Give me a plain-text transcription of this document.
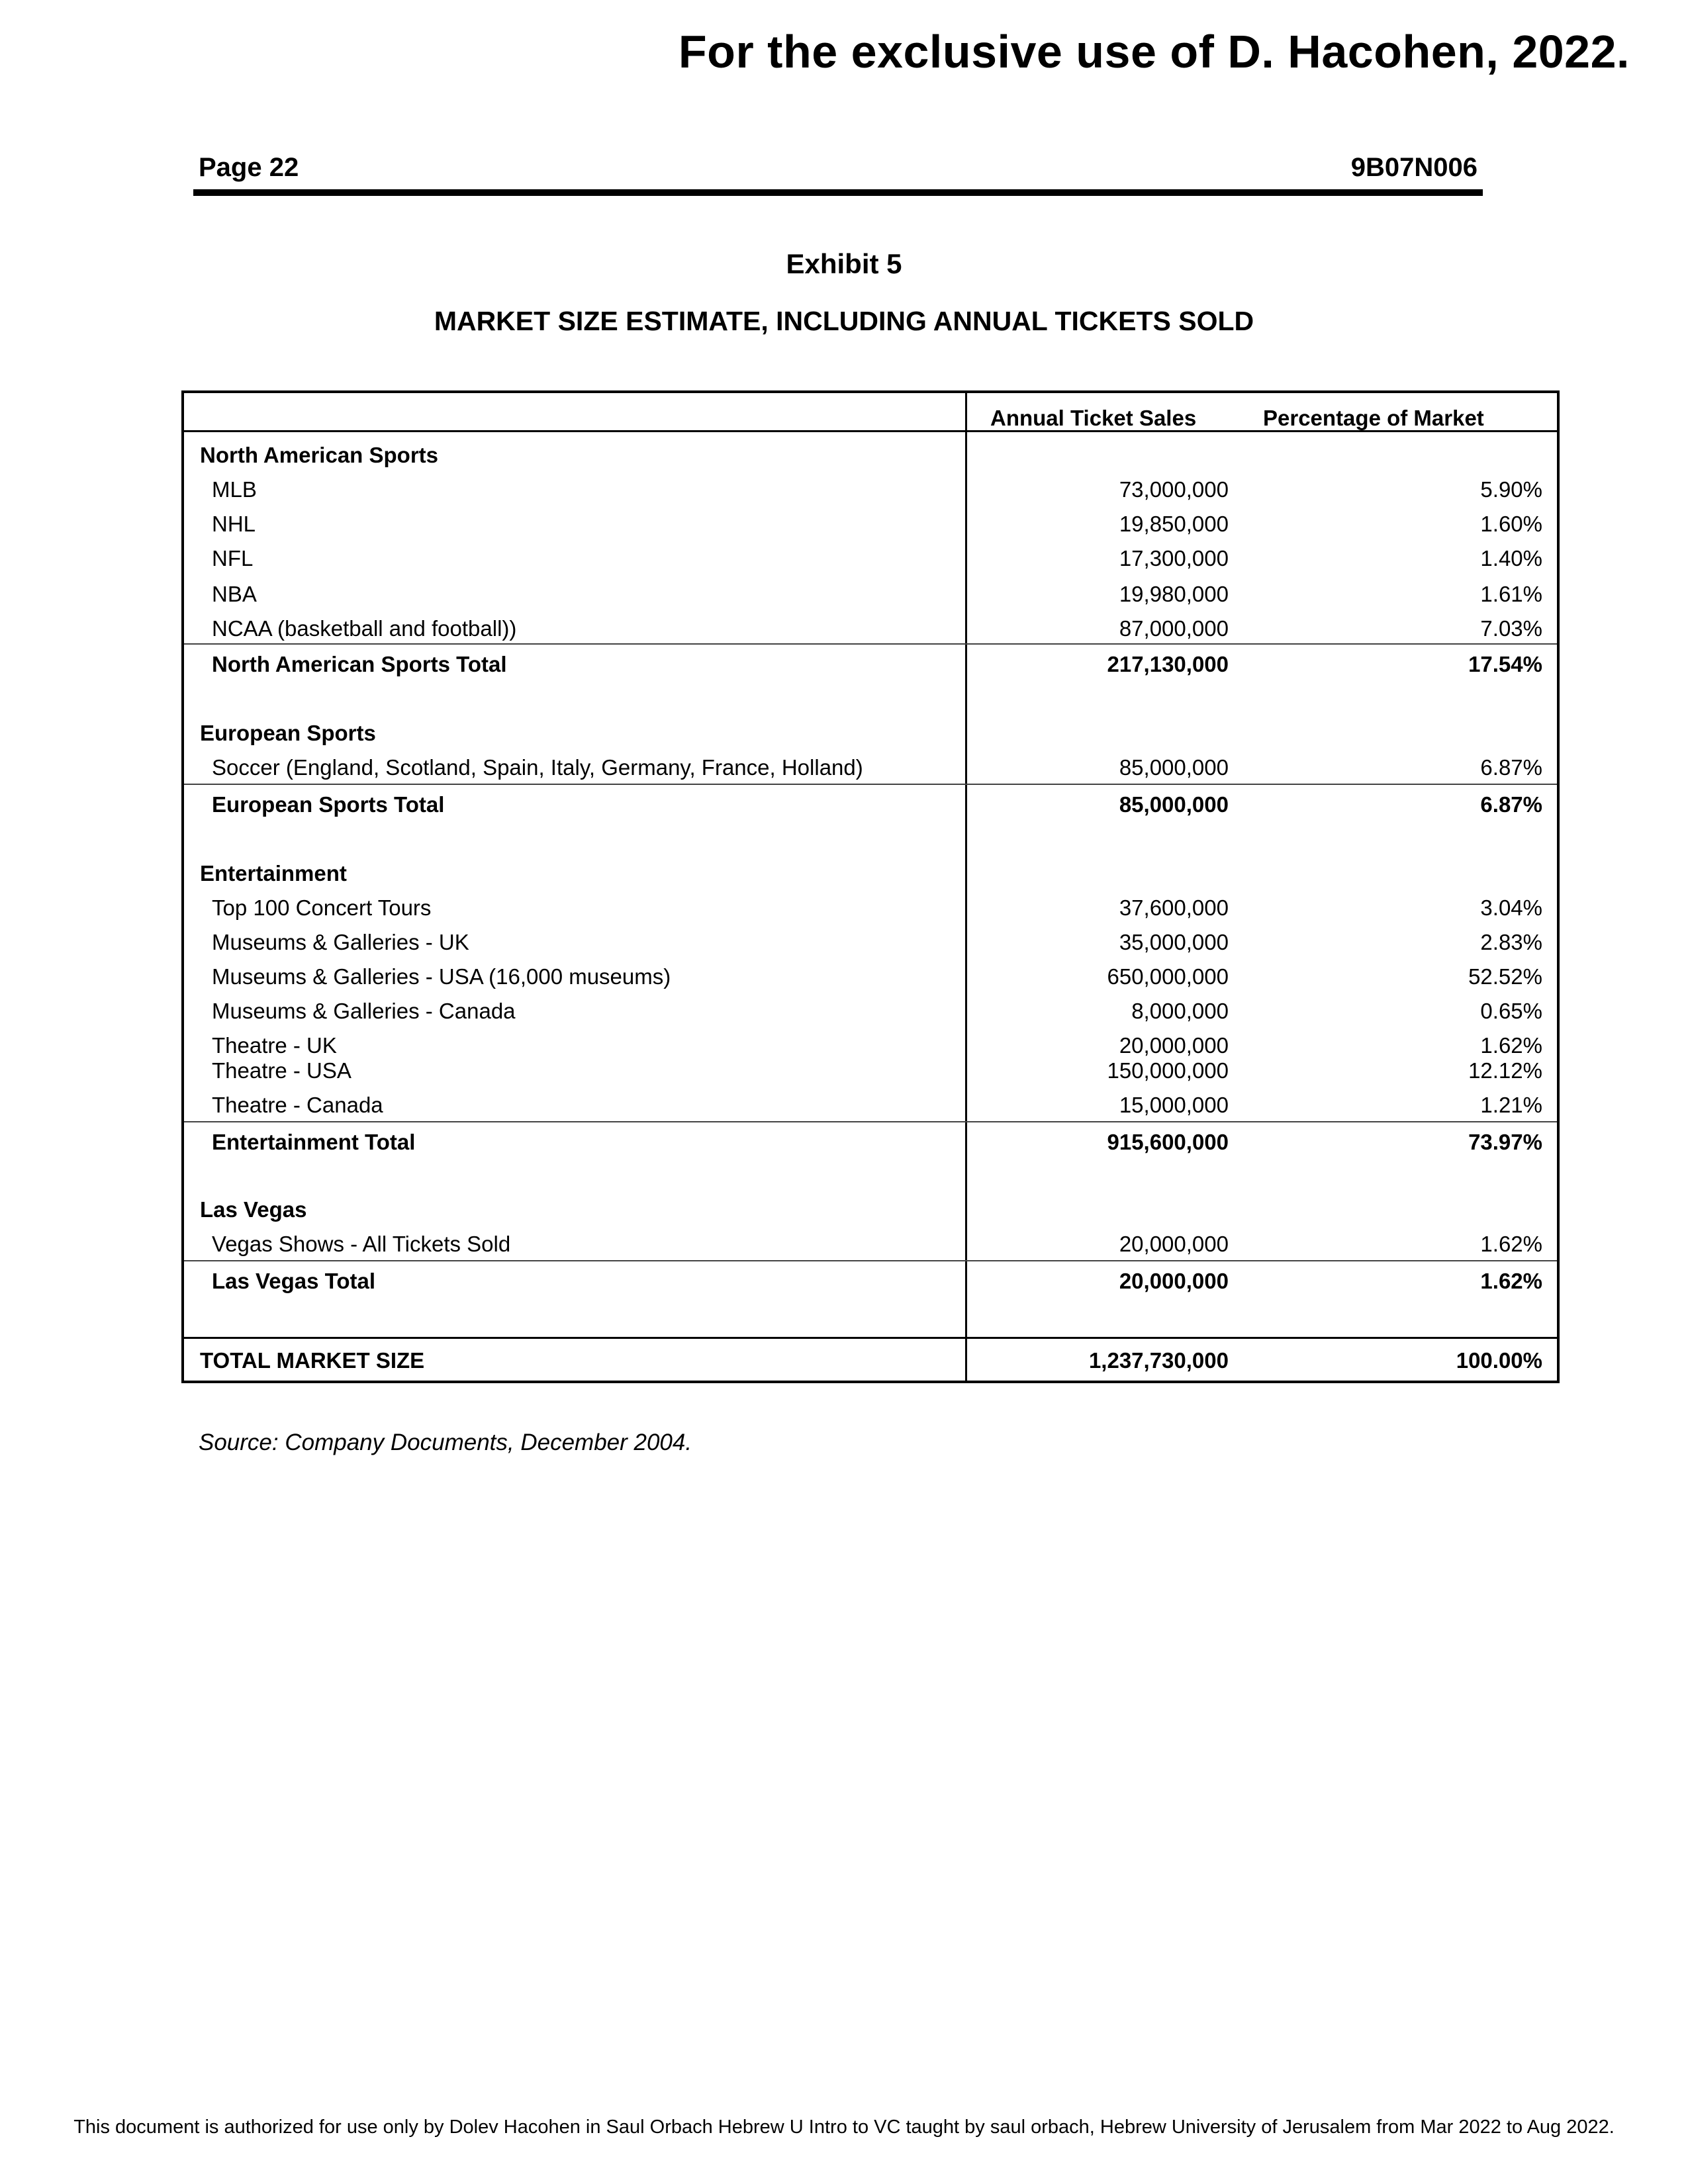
For the exclusive use of D. Hacohen, 2022.
Page 22	9B07N006
Exhibit 5
MARKET SIZE ESTIMATE, INCLUDING ANNUAL TICKETS SOLD
Annual Ticket Sales	Percentage of Market
North American Sports
MLB	73,000,000	5.90%
NHL	19,850,000	1.60%
NFL	17,300,000	1.40%
NBA	19,980,000	1.61%
NCAA (basketball and football))	87,000,000	7.03%
North American Sports Total	217,130,000	17.54%
European Sports
Soccer (England, Scotland, Spain, Italy, Germany, France, Holland)	85,000,000	6.87%
European Sports Total	85,000,000	6.87%
Entertainment
Top 100 Concert Tours	37,600,000	3.04%
Museums & Galleries - UK	35,000,000	2.83%
Museums & Galleries - USA (16,000 museums)	650,000,000	52.52%
Museums & Galleries - Canada	8,000,000	0.65%
Theatre - UK	20,000,000	1.62%
Theatre - USA	150,000,000	12.12%
Theatre - Canada	15,000,000	1.21%
Entertainment Total	915,600,000	73.97%
Las Vegas
Vegas Shows - All Tickets Sold	20,000,000	1.62%
Las Vegas Total	20,000,000	1.62%
TOTAL MARKET SIZE	1,237,730,000	100.00%
Source: Company Documents, December 2004.
This document is authorized for use only by Dolev Hacohen in Saul Orbach Hebrew U Intro to VC taught by saul orbach, Hebrew University of Jerusalem from Mar 2022 to Aug 2022.
